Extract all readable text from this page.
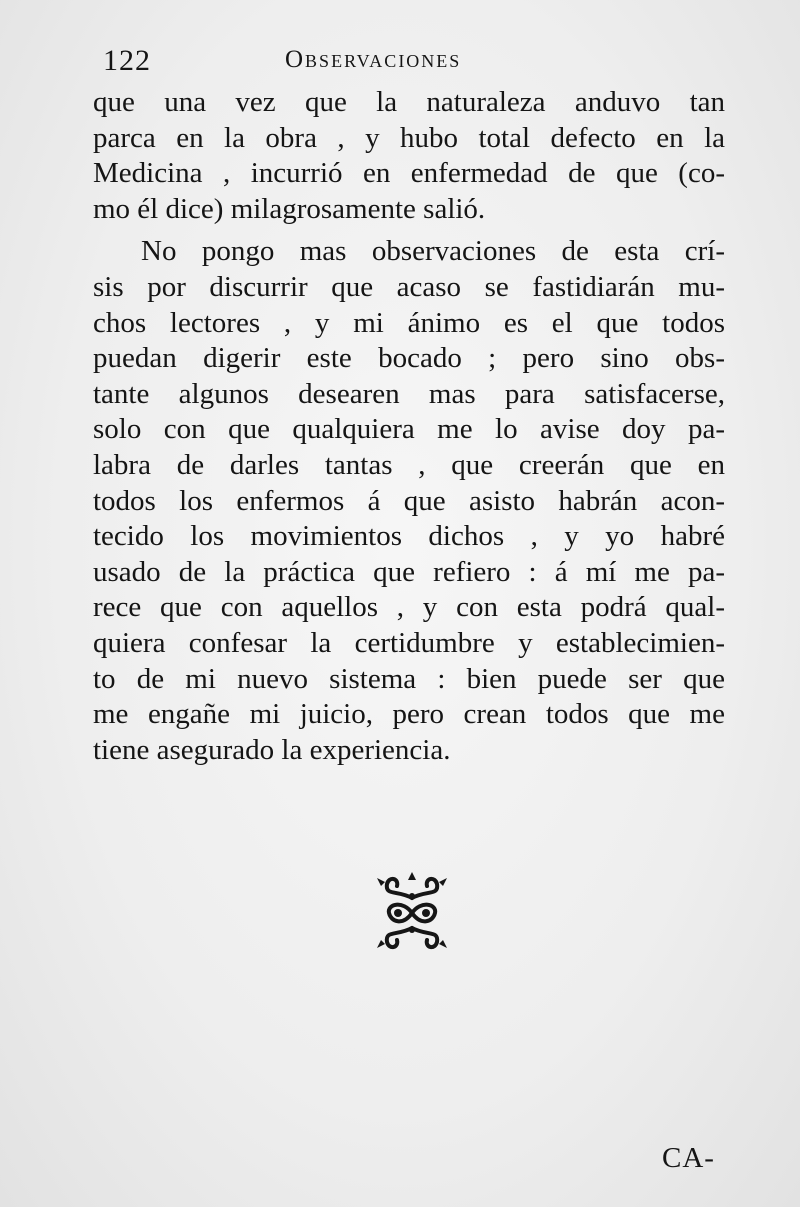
122	Observaciones
que una vez que la naturaleza anduvo tan
parca en la obra , y hubo total defecto en la
Medicina , incurrió en enfermedad de que (co-
mo él dice) milagrosamente salió.
No pongo mas observaciones de esta crí-
sis por discurrir que acaso se fastidiarán mu-
chos lectores , y mi ánimo es el que todos
puedan digerir este bocado ; pero sino obs-
tante algunos desearen mas para satisfacerse,
solo con que qualquiera me lo avise doy pa-
labra de darles tantas , que creerán que en
todos los enfermos á que asisto habrán acon-
tecido los movimientos dichos , y yo habré
usado de la práctica que refiero : á mí me pa-
rece que con aquellos , y con esta podrá qual-
quiera confesar la certidumbre y establecimien-
to de mi nuevo sistema : bien puede ser que
me engañe mi juicio, pero crean todos que me
tiene asegurado la experiencia.
CA-
